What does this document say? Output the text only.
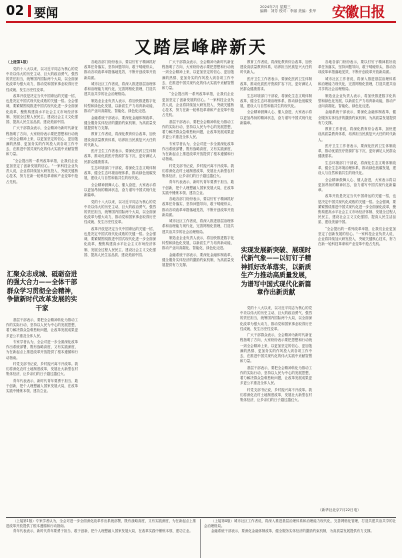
02 要闻	2024年7月 星期三
编辑：刘芳 校对：李丽 美编：张华	安徽日报
又踏层峰辟新天
（上接第1版）

党的十八大以来，以习近平同志为核心的党中央以伟大的历史主动、巨大的政治勇气、强烈的责任担当，统筹国内国际两个大局，以全面深化改革为强大动力，推动党和国家事业取得历史性成就、发生历史性变革。

改革开放是决定当代中国命运的关键一招，也是决定中国式现代化成败的关键一招。全会强调，要紧紧围绕推进中国式现代化进一步全面深化改革，聚焦构建高水平社会主义市场经济体制、发展全过程人民民主、建设社会主义文化强国、提高人民生活品质、建设美丽中国。

广大干部群众表示，全会精神为新时代新征程指明了方向，大家纷纷表示要把思想和行动统一到全会精神上来，以更加坚定的信心、更加饱满的热情、更加务实的作风投入到各项工作中去，在推进中国式现代化的伟大实践中贡献智慧和力量。

“全会提出的一系列改革举措，让我们企业更加坚定了创新发展的信心。”一家科技企业负责人说，企业将持续加大研发投入，突破关键核心技术，努力在新一轮科技革命和产业变革中抢占先机。

汇聚众志成城、砥砺奋进的强大合力——全体干部群众学习贯彻全会精神，争做新时代改革发展的实干家

基层干部表示，要把全会精神转化为推动工作的实际行动，坚持以人民为中心的发展思想，着力解决群众急难愁盼问题，让改革发展成果更多更公平惠及全体人民。

专家学者认为，全会对进一步全面深化改革作出系统部署，既有战略高度，又有实践深度，为在新起点上推进改革开放提供了根本遵循和行动指南。

村党支部书记说，乡村振兴离不开改革。我们将深化农村土地制度改革，发展壮大新型农村集体经济，让乡亲们的日子越过越红火。

青年代表表示，新时代青年要勇于担当、敢于创新，把个人理想融入国家发展大局，在改革实践中锤炼本领、建功立业。

各地各部门纷纷表示，要以钉钉子精神抓好改革任务落实，坚持问题导向，敢于啃硬骨头，推动各项改革举措落地见效，不断开创改革开放新局面。

城市社区工作者说，将深入推进基层治理体系和治理能力现代化，完善网格化管理，打造共建共治共享的社会治理格局。

制造业企业负责人表示，将加快推进数字化转型和绿色化发展，以新质生产力培育新动能，推动产业向高端化、智能化、绿色化迈进。

金融系统干部表示，要深化金融体制改革，健全服务实体经济的激励约束机制，为高质量发展提供有力支撑。

教育工作者说，将深化教育综合改革，加快建设高质量教育体系，培养担当民族复兴大任的时代新人。

医疗卫生工作者表示，要深化医药卫生体制改革，推动优质医疗资源扩容下沉，更好满足人民群众健康需求。

生态环境部门干部说，将深化生态文明体制改革，健全生态环境治理体系，推动绿色低碳发展，建设人与自然和谐共生的现代化。

全会精神鼓舞人心、催人奋进，大家表示将以更加昂扬的精神状态，奋力谱写中国式现代化新篇章。

党的十八大以来，以习近平同志为核心的党中央以伟大的历史主动、巨大的政治勇气、强烈的责任担当，统筹国内国际两个大局，以全面深化改革为强大动力，推动党和国家事业取得历史性成就、发生历史性变革。

改革开放是决定当代中国命运的关键一招，也是决定中国式现代化成败的关键一招。全会强调，要紧紧围绕推进中国式现代化进一步全面深化改革，聚焦构建高水平社会主义市场经济体制、发展全过程人民民主、建设社会主义文化强国、提高人民生活品质、建设美丽中国。

广大干部群众表示，全会精神为新时代新征程指明了方向，大家纷纷表示要把思想和行动统一到全会精神上来，以更加坚定的信心、更加饱满的热情、更加务实的作风投入到各项工作中去，在推进中国式现代化的伟大实践中贡献智慧和力量。

“全会提出的一系列改革举措，让我们企业更加坚定了创新发展的信心。”一家科技企业负责人说，企业将持续加大研发投入，突破关键核心技术，努力在新一轮科技革命和产业变革中抢占先机。

基层干部表示，要把全会精神转化为推动工作的实际行动，坚持以人民为中心的发展思想，着力解决群众急难愁盼问题，让改革发展成果更多更公平惠及全体人民。

专家学者认为，全会对进一步全面深化改革作出系统部署，既有战略高度，又有实践深度，为在新起点上推进改革开放提供了根本遵循和行动指南。

村党支部书记说，乡村振兴离不开改革。我们将深化农村土地制度改革，发展壮大新型农村集体经济，让乡亲们的日子越过越红火。

青年代表表示，新时代青年要勇于担当、敢于创新，把个人理想融入国家发展大局，在改革实践中锤炼本领、建功立业。

各地各部门纷纷表示，要以钉钉子精神抓好改革任务落实，坚持问题导向，敢于啃硬骨头，推动各项改革举措落地见效，不断开创改革开放新局面。

城市社区工作者说，将深入推进基层治理体系和治理能力现代化，完善网格化管理，打造共建共治共享的社会治理格局。

制造业企业负责人表示，将加快推进数字化转型和绿色化发展，以新质生产力培育新动能，推动产业向高端化、智能化、绿色化迈进。

金融系统干部表示，要深化金融体制改革，健全服务实体经济的激励约束机制，为高质量发展提供有力支撑。

教育工作者说，将深化教育综合改革，加快建设高质量教育体系，培养担当民族复兴大任的时代新人。

医疗卫生工作者表示，要深化医药卫生体制改革，推动优质医疗资源扩容下沉，更好满足人民群众健康需求。

生态环境部门干部说，将深化生态文明体制改革，健全生态环境治理体系，推动绿色低碳发展，建设人与自然和谐共生的现代化。

全会精神鼓舞人心、催人奋进，大家表示将以更加昂扬的精神状态，奋力谱写中国式现代化新篇章。

实现发展新突破、展现时代新气象——以钉钉子精神抓好改革落实，以新质生产力推动高质量发展，为谱写中国式现代化新篇章作出新贡献

党的十八大以来，以习近平同志为核心的党中央以伟大的历史主动、巨大的政治勇气、强烈的责任担当，统筹国内国际两个大局，以全面深化改革为强大动力，推动党和国家事业取得历史性成就、发生历史性变革。

广大干部群众表示，全会精神为新时代新征程指明了方向，大家纷纷表示要把思想和行动统一到全会精神上来，以更加坚定的信心、更加饱满的热情、更加务实的作风投入到各项工作中去，在推进中国式现代化的伟大实践中贡献智慧和力量。

基层干部表示，要把全会精神转化为推动工作的实际行动，坚持以人民为中心的发展思想，着力解决群众急难愁盼问题，让改革发展成果更多更公平惠及全体人民。

村党支部书记说，乡村振兴离不开改革。我们将深化农村土地制度改革，发展壮大新型农村集体经济，让乡亲们的日子越过越红火。

各地各部门纷纷表示，要以钉钉子精神抓好改革任务落实，坚持问题导向，敢于啃硬骨头，推动各项改革举措落地见效，不断开创改革开放新局面。

城市社区工作者说，将深入推进基层治理体系和治理能力现代化，完善网格化管理，打造共建共治共享的社会治理格局。

制造业企业负责人表示，将加快推进数字化转型和绿色化发展，以新质生产力培育新动能，推动产业向高端化、智能化、绿色化迈进。

金融系统干部表示，要深化金融体制改革，健全服务实体经济的激励约束机制，为高质量发展提供有力支撑。

教育工作者说，将深化教育综合改革，加快建设高质量教育体系，培养担当民族复兴大任的时代新人。

医疗卫生工作者表示，要深化医药卫生体制改革，推动优质医疗资源扩容下沉，更好满足人民群众健康需求。

生态环境部门干部说，将深化生态文明体制改革，健全生态环境治理体系，推动绿色低碳发展，建设人与自然和谐共生的现代化。

全会精神鼓舞人心、催人奋进，大家表示将以更加昂扬的精神状态，奋力谱写中国式现代化新篇章。

改革开放是决定当代中国命运的关键一招，也是决定中国式现代化成败的关键一招。全会强调，要紧紧围绕推进中国式现代化进一步全面深化改革，聚焦构建高水平社会主义市场经济体制、发展全过程人民民主、建设社会主义文化强国、提高人民生活品质、建设美丽中国。

“全会提出的一系列改革举措，让我们企业更加坚定了创新发展的信心。”一家科技企业负责人说，企业将持续加大研发投入，突破关键核心技术，努力在新一轮科技革命和产业变革中抢占先机。

（新华社北京7月22日电）

（上接第1版）专家学者认为，全会对进一步全面深化改革作出系统部署，既有战略高度，又有实践深度，为在新起点上推进改革开放提供了根本遵循和行动指南。

青年代表表示，新时代青年要勇于担当、敢于创新，把个人理想融入国家发展大局，在改革实践中锤炼本领、建功立业。

（上接第4版）城市社区工作者说，将深入推进基层治理体系和治理能力现代化，完善网格化管理，打造共建共治共享的社会治理格局。

金融系统干部表示，要深化金融体制改革，健全服务实体经济的激励约束机制，为高质量发展提供有力支撑。
